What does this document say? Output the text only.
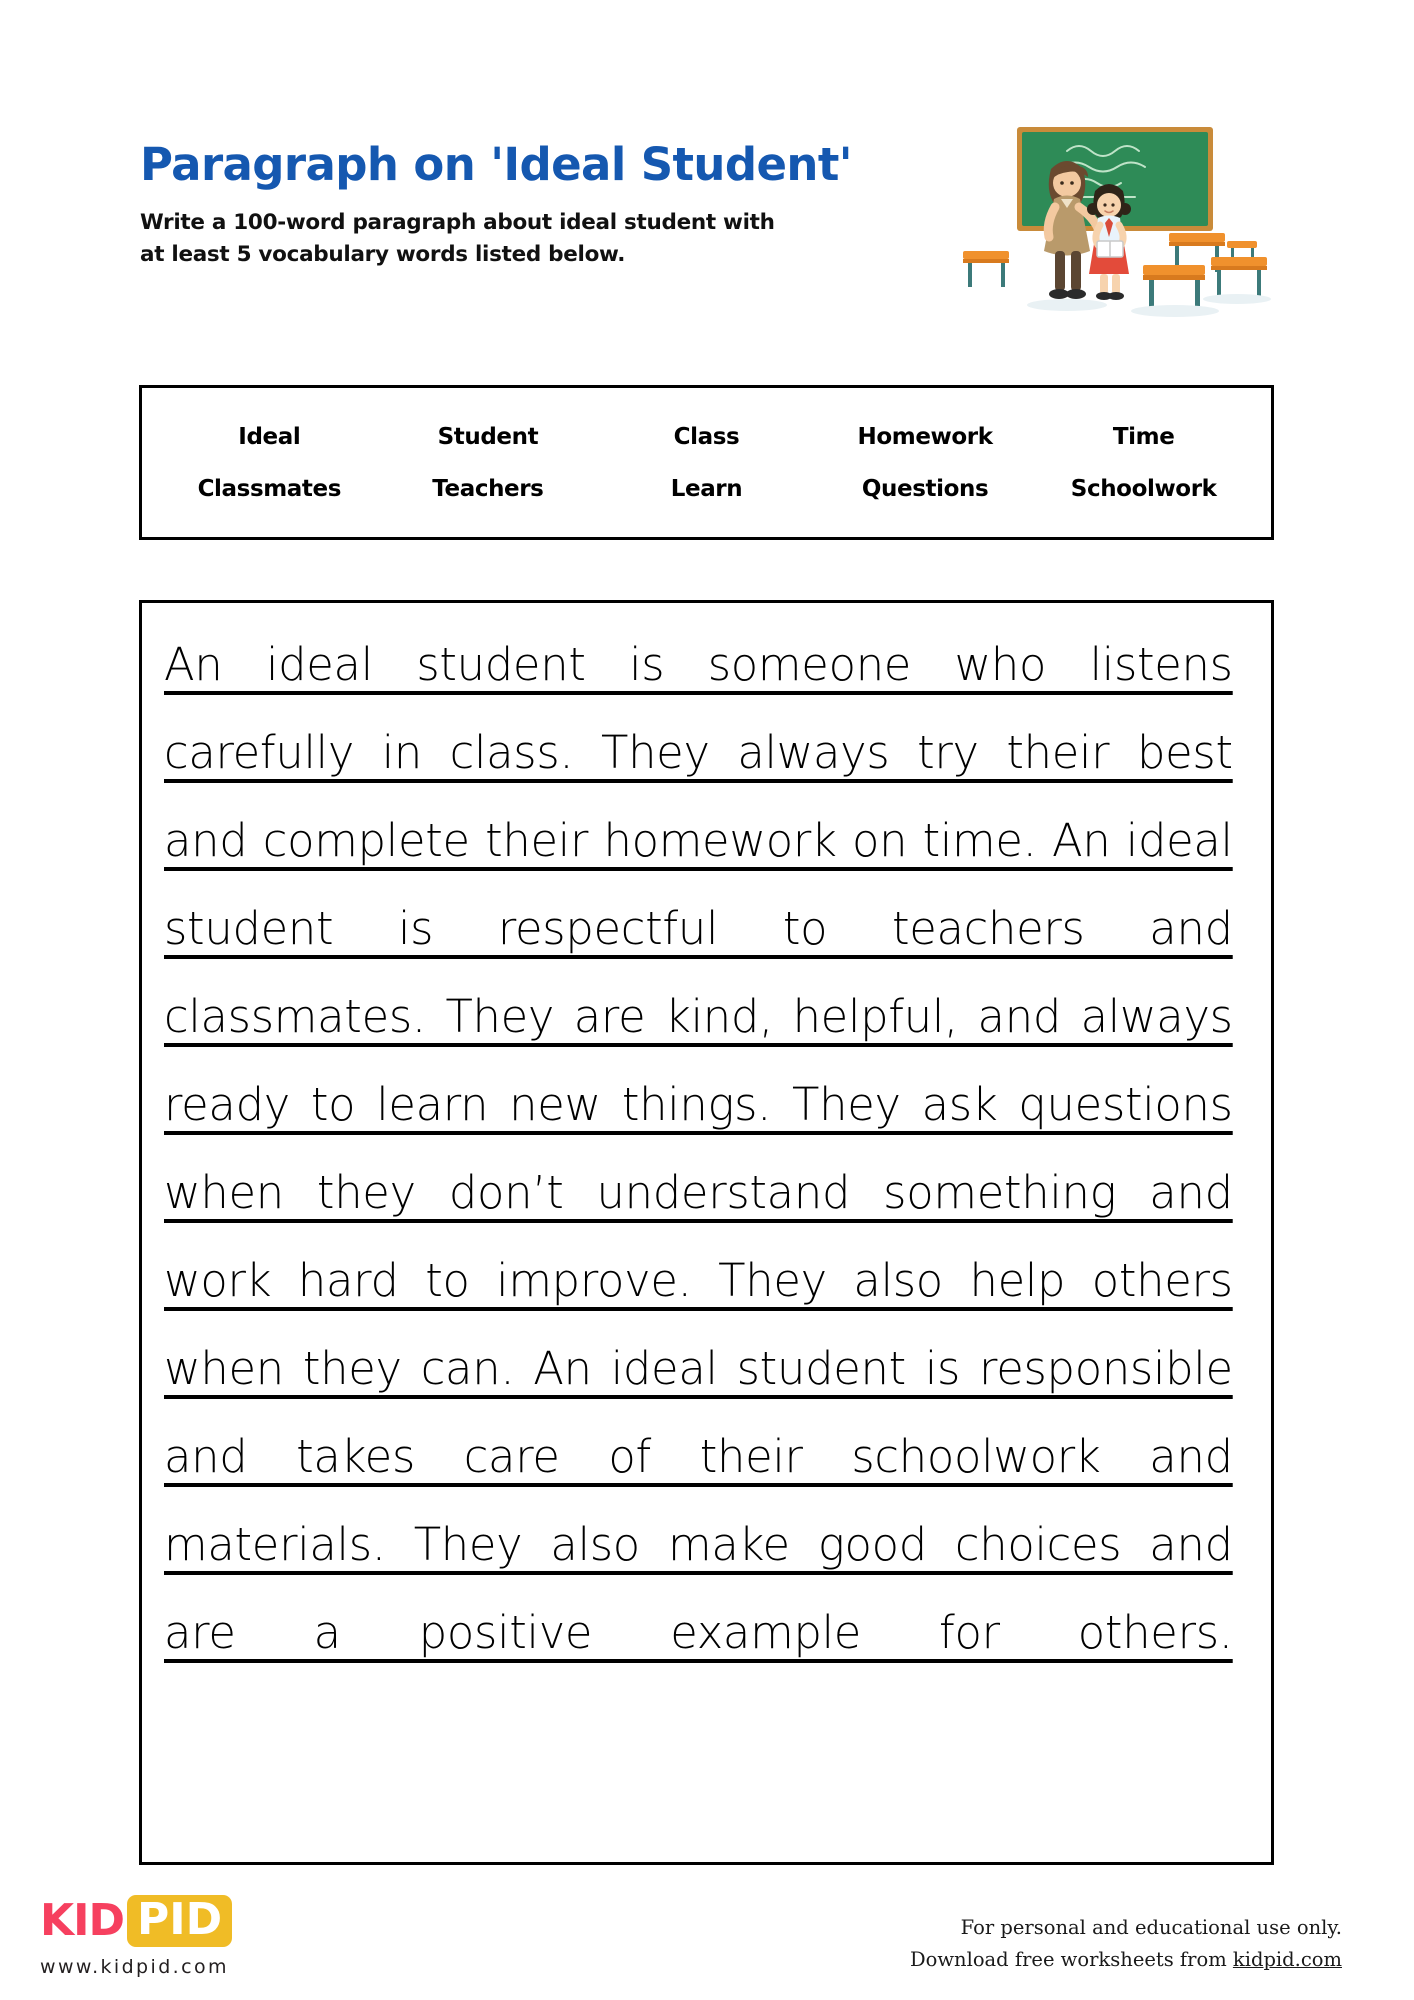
Paragraph on 'Ideal Student'
Write a 100-word paragraph about ideal student with at least 5 vocabulary words listed below.
Ideal	Student	Class	Homework	Time
Classmates	Teachers	Learn	Questions	Schoolwork
An ideal student is someone who listens carefully in class. They always try their best and complete their homework on time. An ideal student is respectful to teachers and classmates. They are kind, helpful, and always ready to learn new things. They ask questions when they don’t understand something and work hard to improve. They also help others when they can. An ideal student is responsible and takes care of their schoolwork and materials. They also make good choices and are a positive example for others.
KID PID
www.kidpid.com
For personal and educational use only.
Download free worksheets from kidpid.com
